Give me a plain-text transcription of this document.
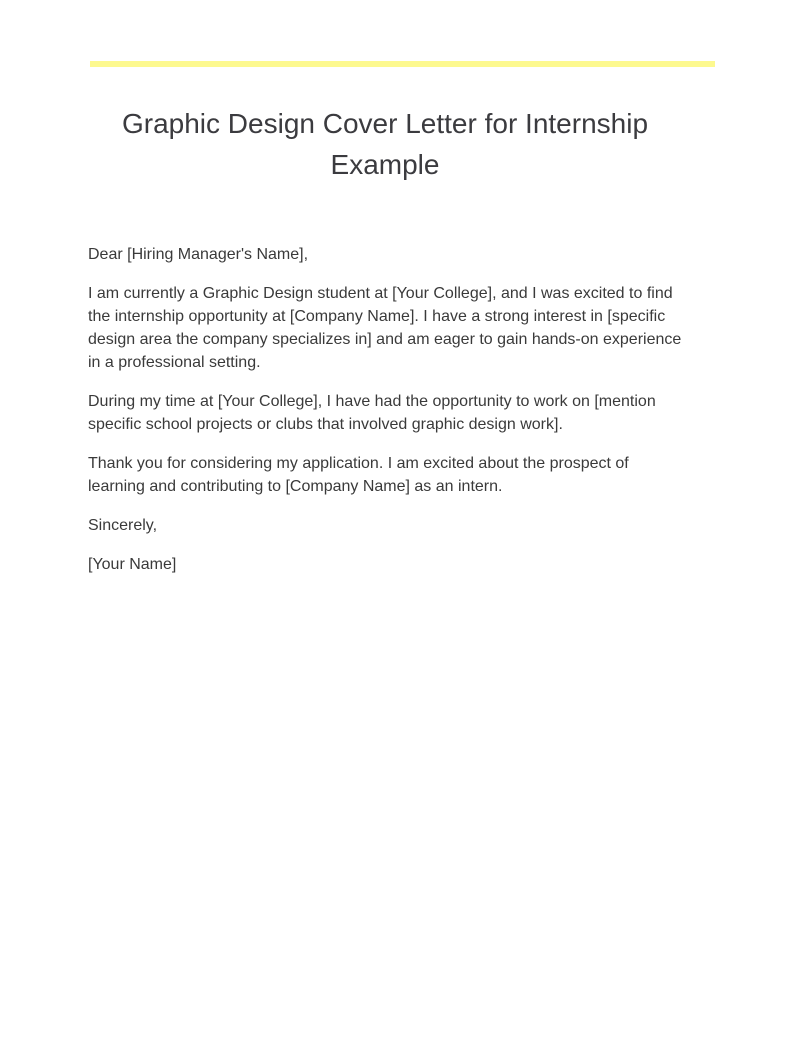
Graphic Design Cover Letter for Internship Example

Dear [Hiring Manager's Name],

I am currently a Graphic Design student at [Your College], and I was excited to find the internship opportunity at [Company Name]. I have a strong interest in [specific design area the company specializes in] and am eager to gain hands-on experience in a professional setting.

During my time at [Your College], I have had the opportunity to work on [mention specific school projects or clubs that involved graphic design work].

Thank you for considering my application. I am excited about the prospect of learning and contributing to [Company Name] as an intern.

Sincerely,

[Your Name]
